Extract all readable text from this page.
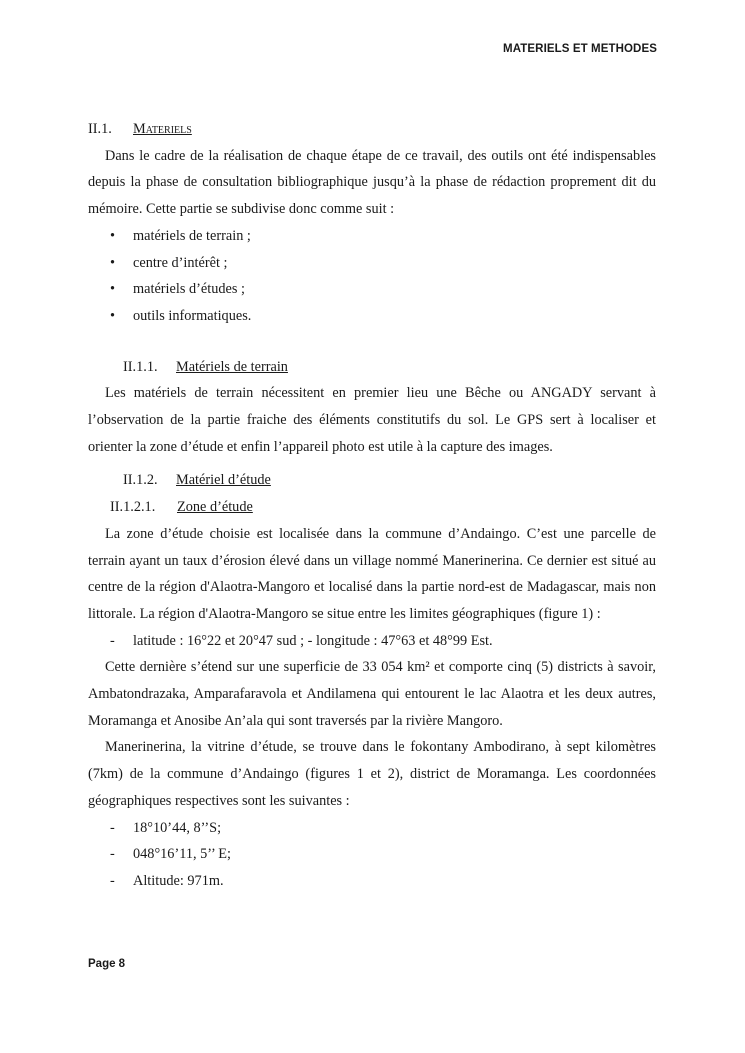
MATERIELS ET METHODES
II.1. Materiels

Dans le cadre de la réalisation de chaque étape de ce travail, des outils ont été indispensables depuis la phase de consultation bibliographique jusqu’à la phase de rédaction proprement dit du mémoire. Cette partie se subdivise donc comme suit :

• matériels de terrain ;
• centre d’intérêt ;
• matériels d’études ;
• outils informatiques.
II.1.1.	Matériels de terrain

Les matériels de terrain nécessitent en premier lieu une Bêche ou ANGADY servant à l’observation de la partie fraiche des éléments constitutifs du sol. Le GPS sert à localiser et orienter la zone d’étude et enfin l’appareil photo est utile à la capture des images.

II.1.2.	Matériel d’étude
II.1.2.1.	Zone d’étude

La zone d’étude choisie est localisée dans la commune d’Andaingo. C’est une parcelle de terrain ayant un taux d’érosion élevé dans un village nommé Manerinerina. Ce dernier est situé au centre de la région d'Alaotra-Mangoro et localisé dans la partie nord-est de Madagascar, mais non littorale. La région d'Alaotra-Mangoro se situe entre les limites géographiques (figure 1) :

- latitude : 16°22 et 20°47 sud ; - longitude : 47°63 et 48°99 Est.

Cette dernière s’étend sur une superficie de 33 054 km² et comporte cinq (5) districts à savoir, Ambatondrazaka, Amparafaravola et Andilamena qui entourent le lac Alaotra et les deux autres, Moramanga et Anosibe An’ala qui sont traversés par la rivière Mangoro.

Manerinerina, la vitrine d’étude, se trouve dans le fokontany Ambodirano, à sept kilomètres (7km) de la commune d’Andaingo (figures 1 et 2), district de Moramanga. Les coordonnées géographiques respectives sont les suivantes :

- 18°10’44, 8’’S;
- 048°16’11, 5’’ E;
- Altitude: 971m.
Page 8
